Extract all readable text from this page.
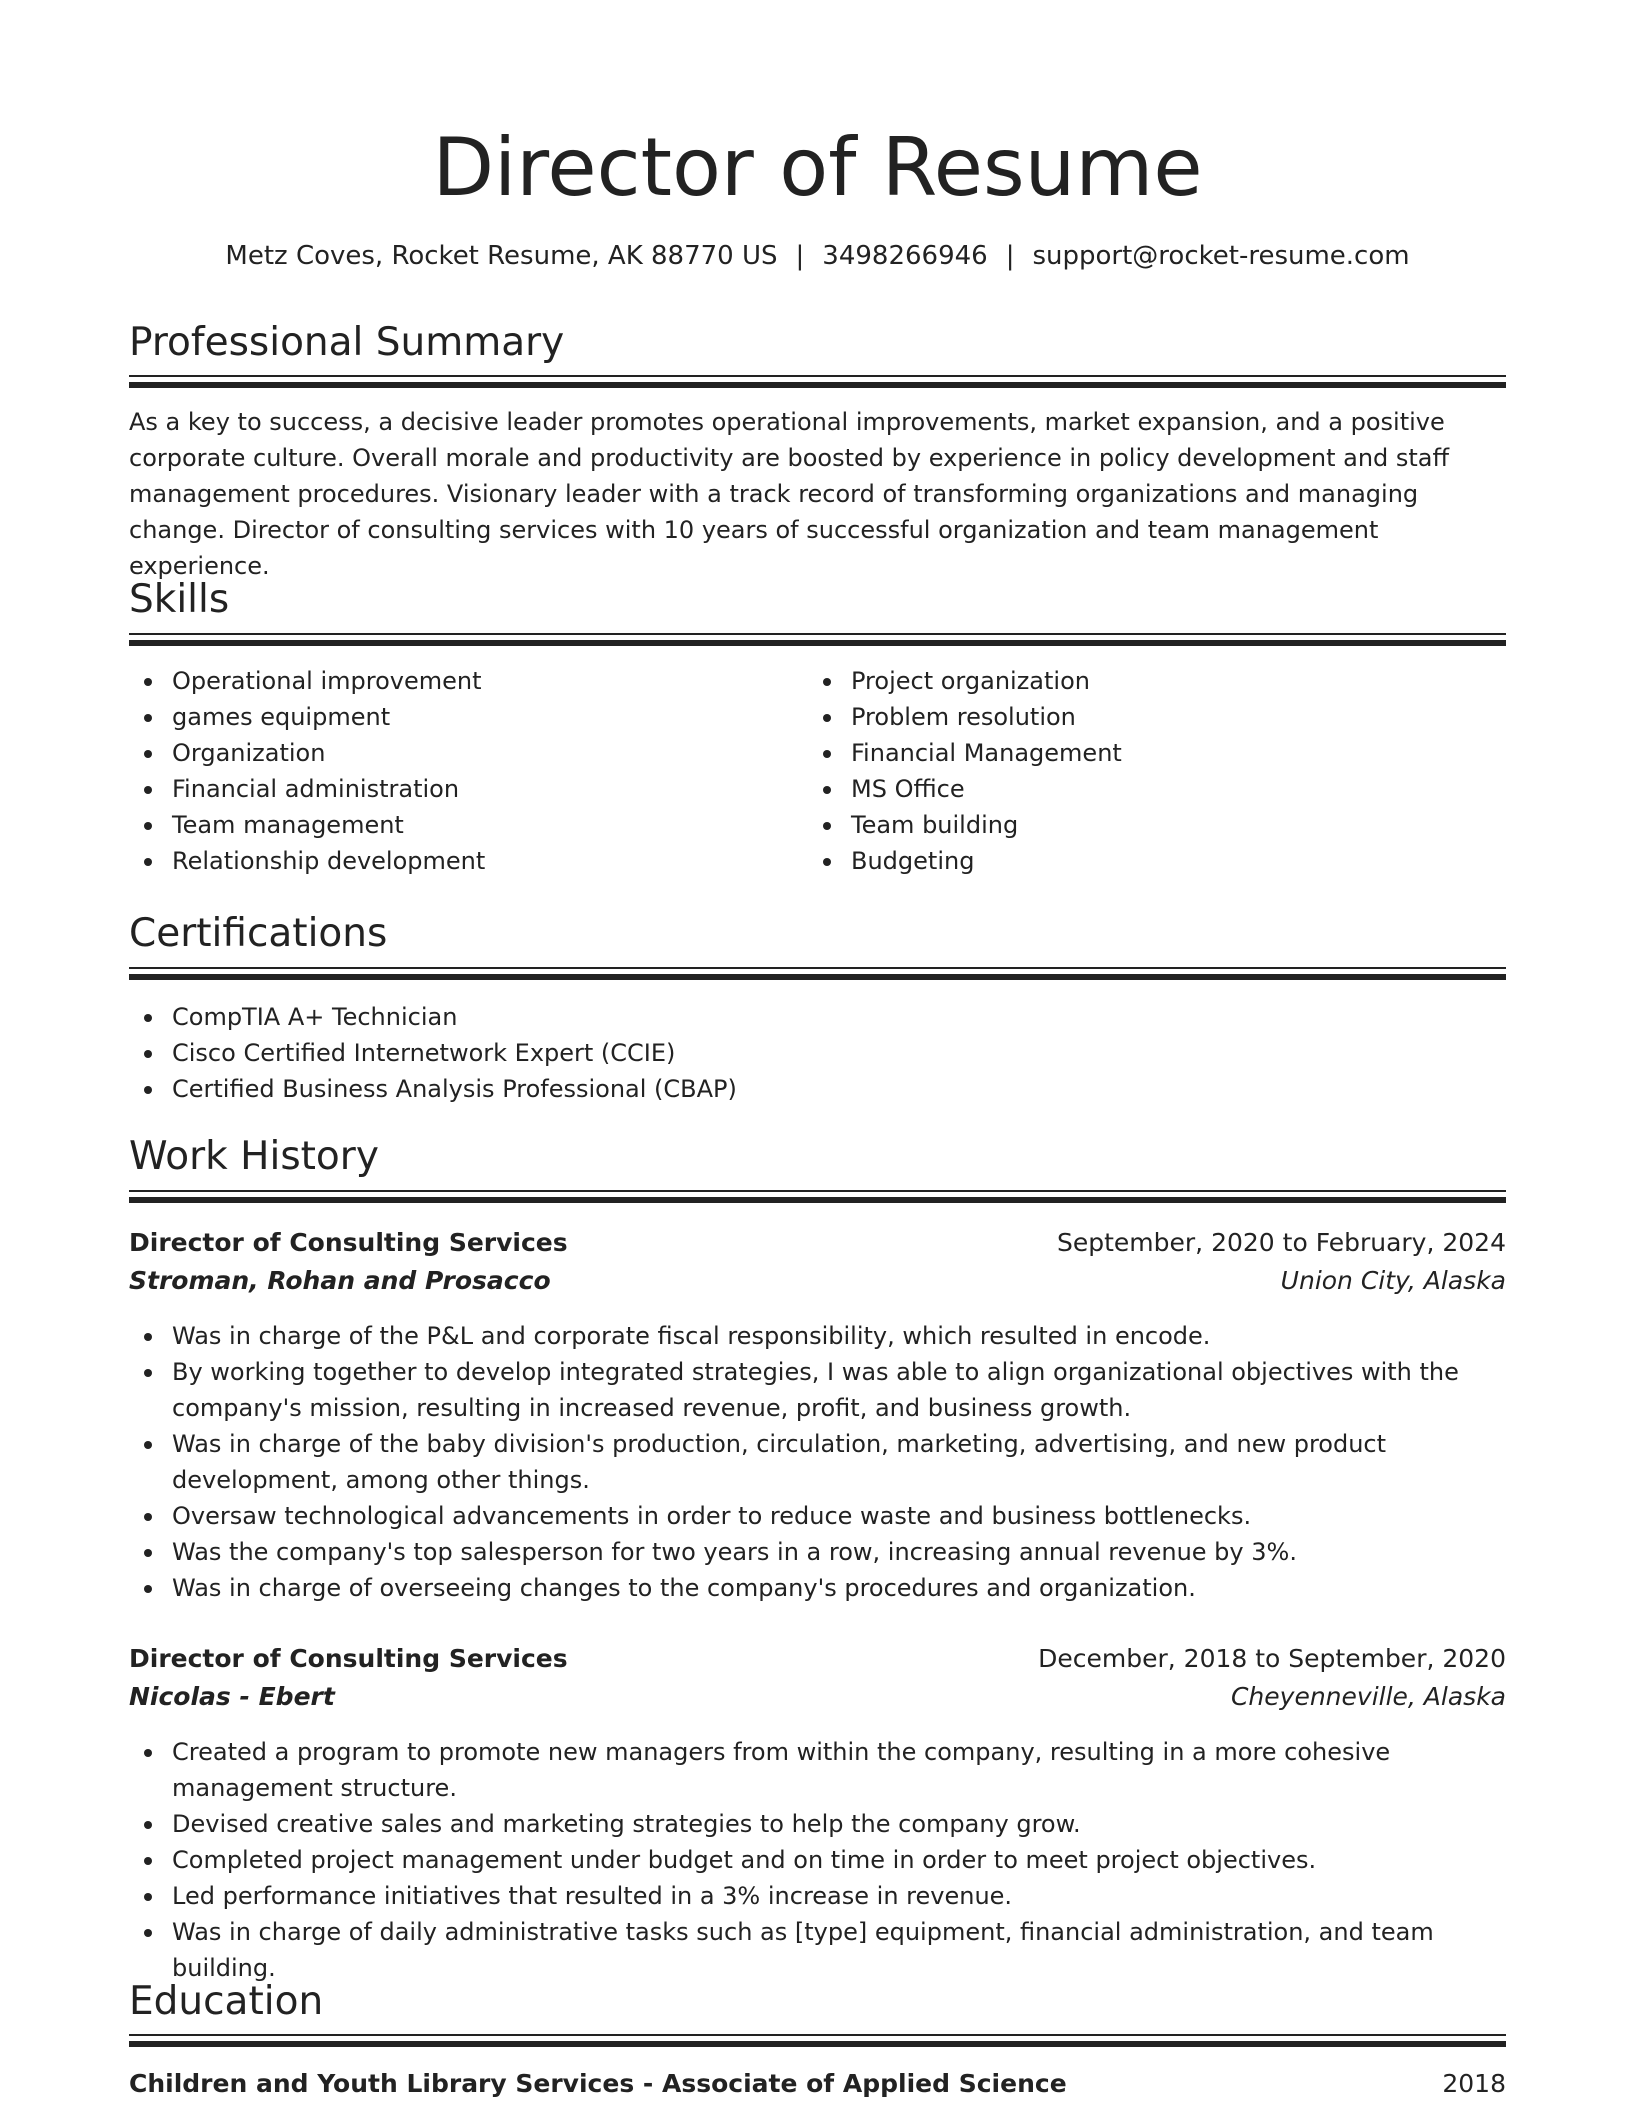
Director of Resume
Metz Coves, Rocket Resume, AK 88770 US | 3498266946 | support@rocket-resume.com
Professional Summary

As a key to success, a decisive leader promotes operational improvements, market expansion, and a positive corporate culture. Overall morale and productivity are boosted by experience in policy development and staff management procedures. Visionary leader with a track record of transforming organizations and managing change. Director of consulting services with 10 years of successful organization and team management experience.

Skills
Operational improvement
games equipment
Organization
Financial administration
Team management
Relationship development
Project organization
Problem resolution
Financial Management
MS Office
Team building
Budgeting
Certifications
CompTIA A+ Technician
Cisco Certified Internetwork Expert (CCIE)
Certified Business Analysis Professional (CBAP)
Work History
Director of Consulting Services	September, 2020 to February, 2024
Stroman, Rohan and Prosacco	Union City, Alaska
Was in charge of the P&L and corporate fiscal responsibility, which resulted in encode.
By working together to develop integrated strategies, I was able to align organizational objectives with the company's mission, resulting in increased revenue, profit, and business growth.
Was in charge of the baby division's production, circulation, marketing, advertising, and new product development, among other things.
Oversaw technological advancements in order to reduce waste and business bottlenecks.
Was the company's top salesperson for two years in a row, increasing annual revenue by 3%.
Was in charge of overseeing changes to the company's procedures and organization.
Director of Consulting Services	December, 2018 to September, 2020
Nicolas - Ebert	Cheyenneville, Alaska
Created a program to promote new managers from within the company, resulting in a more cohesive management structure.
Devised creative sales and marketing strategies to help the company grow.
Completed project management under budget and on time in order to meet project objectives.
Led performance initiatives that resulted in a 3% increase in revenue.
Was in charge of daily administrative tasks such as [type] equipment, financial administration, and team building.
Education
Children and Youth Library Services - Associate of Applied Science	2018
